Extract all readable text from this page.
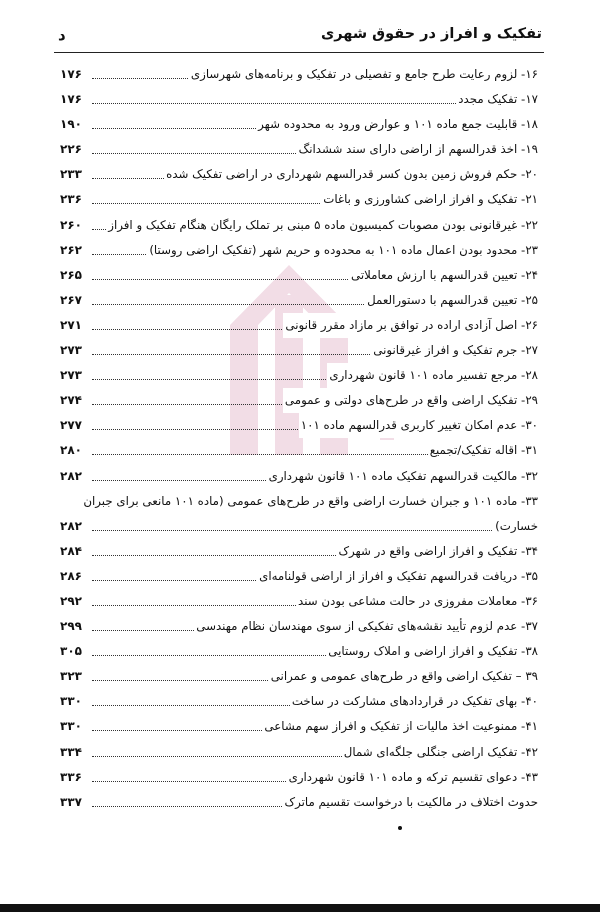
تفکیک و افراز در حقوق شهری
د
۱۶- لزوم رعایت طرح جامع و تفصیلی در تفکیک و برنامه‌های شهرسازی
۱۷۶
۱۷- تفکیک مجدد
۱۷۶
۱۸- قابلیت جمع ماده ۱۰۱ و عوارض ورود به محدوده شهر
۱۹۰
۱۹- اخذ قدرالسهم از اراضی دارای سند ششدانگ
۲۲۶
۲۰- حکم فروش زمین بدون کسر قدرالسهم شهرداری در اراضی تفکیک شده
۲۳۳
۲۱- تفکیک و افراز اراضی کشاورزی و باغات
۲۳۶
۲۲- غیرقانونی بودن مصوبات کمیسیون ماده ۵ مبنی بر تملک رایگان هنگام تفکیک و افراز
۲۶۰
۲۳- محدود بودن اعمال ماده ۱۰۱ به محدوده و حریم شهر (تفکیک اراضی روستا)
۲۶۲
۲۴- تعیین قدرالسهم با ارزش معاملاتی
۲۶۵
۲۵- تعیین قدرالسهم با دستورالعمل
۲۶۷
۲۶- اصل آزادی اراده در توافق بر مازاد مقرر قانونی
۲۷۱
۲۷- جرم تفکیک و افراز غیرقانونی
۲۷۳
۲۸- مرجع تفسیر ماده ۱۰۱ قانون شهرداری
۲۷۳
۲۹- تفکیک اراضی واقع در طرح‌های دولتی و عمومی
۲۷۴
۳۰- عدم امکان تغییر کاربری قدرالسهم ماده ۱۰۱
۲۷۷
۳۱- اقاله تفکیک/تجمیع
۲۸۰
۳۲- مالکیت قدرالسهم تفکیک ماده ۱۰۱ قانون شهرداری
۲۸۲
۳۳- ماده ۱۰۱ و جبران خسارت اراضی واقع در طرح‌های عمومی (ماده ۱۰۱ مانعی برای جبران
خسارت)
۲۸۲
۳۴- تفکیک و افراز اراضی واقع در شهرک
۲۸۴
۳۵- دریافت قدرالسهم تفکیک و افراز از اراضی قولنامه‌ای
۲۸۶
۳۶- معاملات مفروزی در حالت مشاعی بودن سند
۲۹۲
۳۷- عدم لزوم تأیید نقشه‌های تفکیکی از سوی مهندسان نظام مهندسی
۲۹۹
۳۸- تفکیک و افراز اراضی و املاک روستایی
۳۰۵
۳۹ – تفکیک اراضی واقع در طرح‌های عمومی و عمرانی
۳۲۳
۴۰- بهای تفکیک در قراردادهای مشارکت در ساخت
۳۳۰
۴۱- ممنوعیت اخذ مالیات از تفکیک و افراز سهم مشاعی
۳۳۰
۴۲- تفکیک اراضی جنگلی جلگه‌ای شمال
۳۳۴
۴۳- دعوای تقسیم ترکه و ماده ۱۰۱ قانون شهرداری
۳۳۶
حدوث اختلاف در مالکیت با درخواست تقسیم ماترک
۳۳۷
